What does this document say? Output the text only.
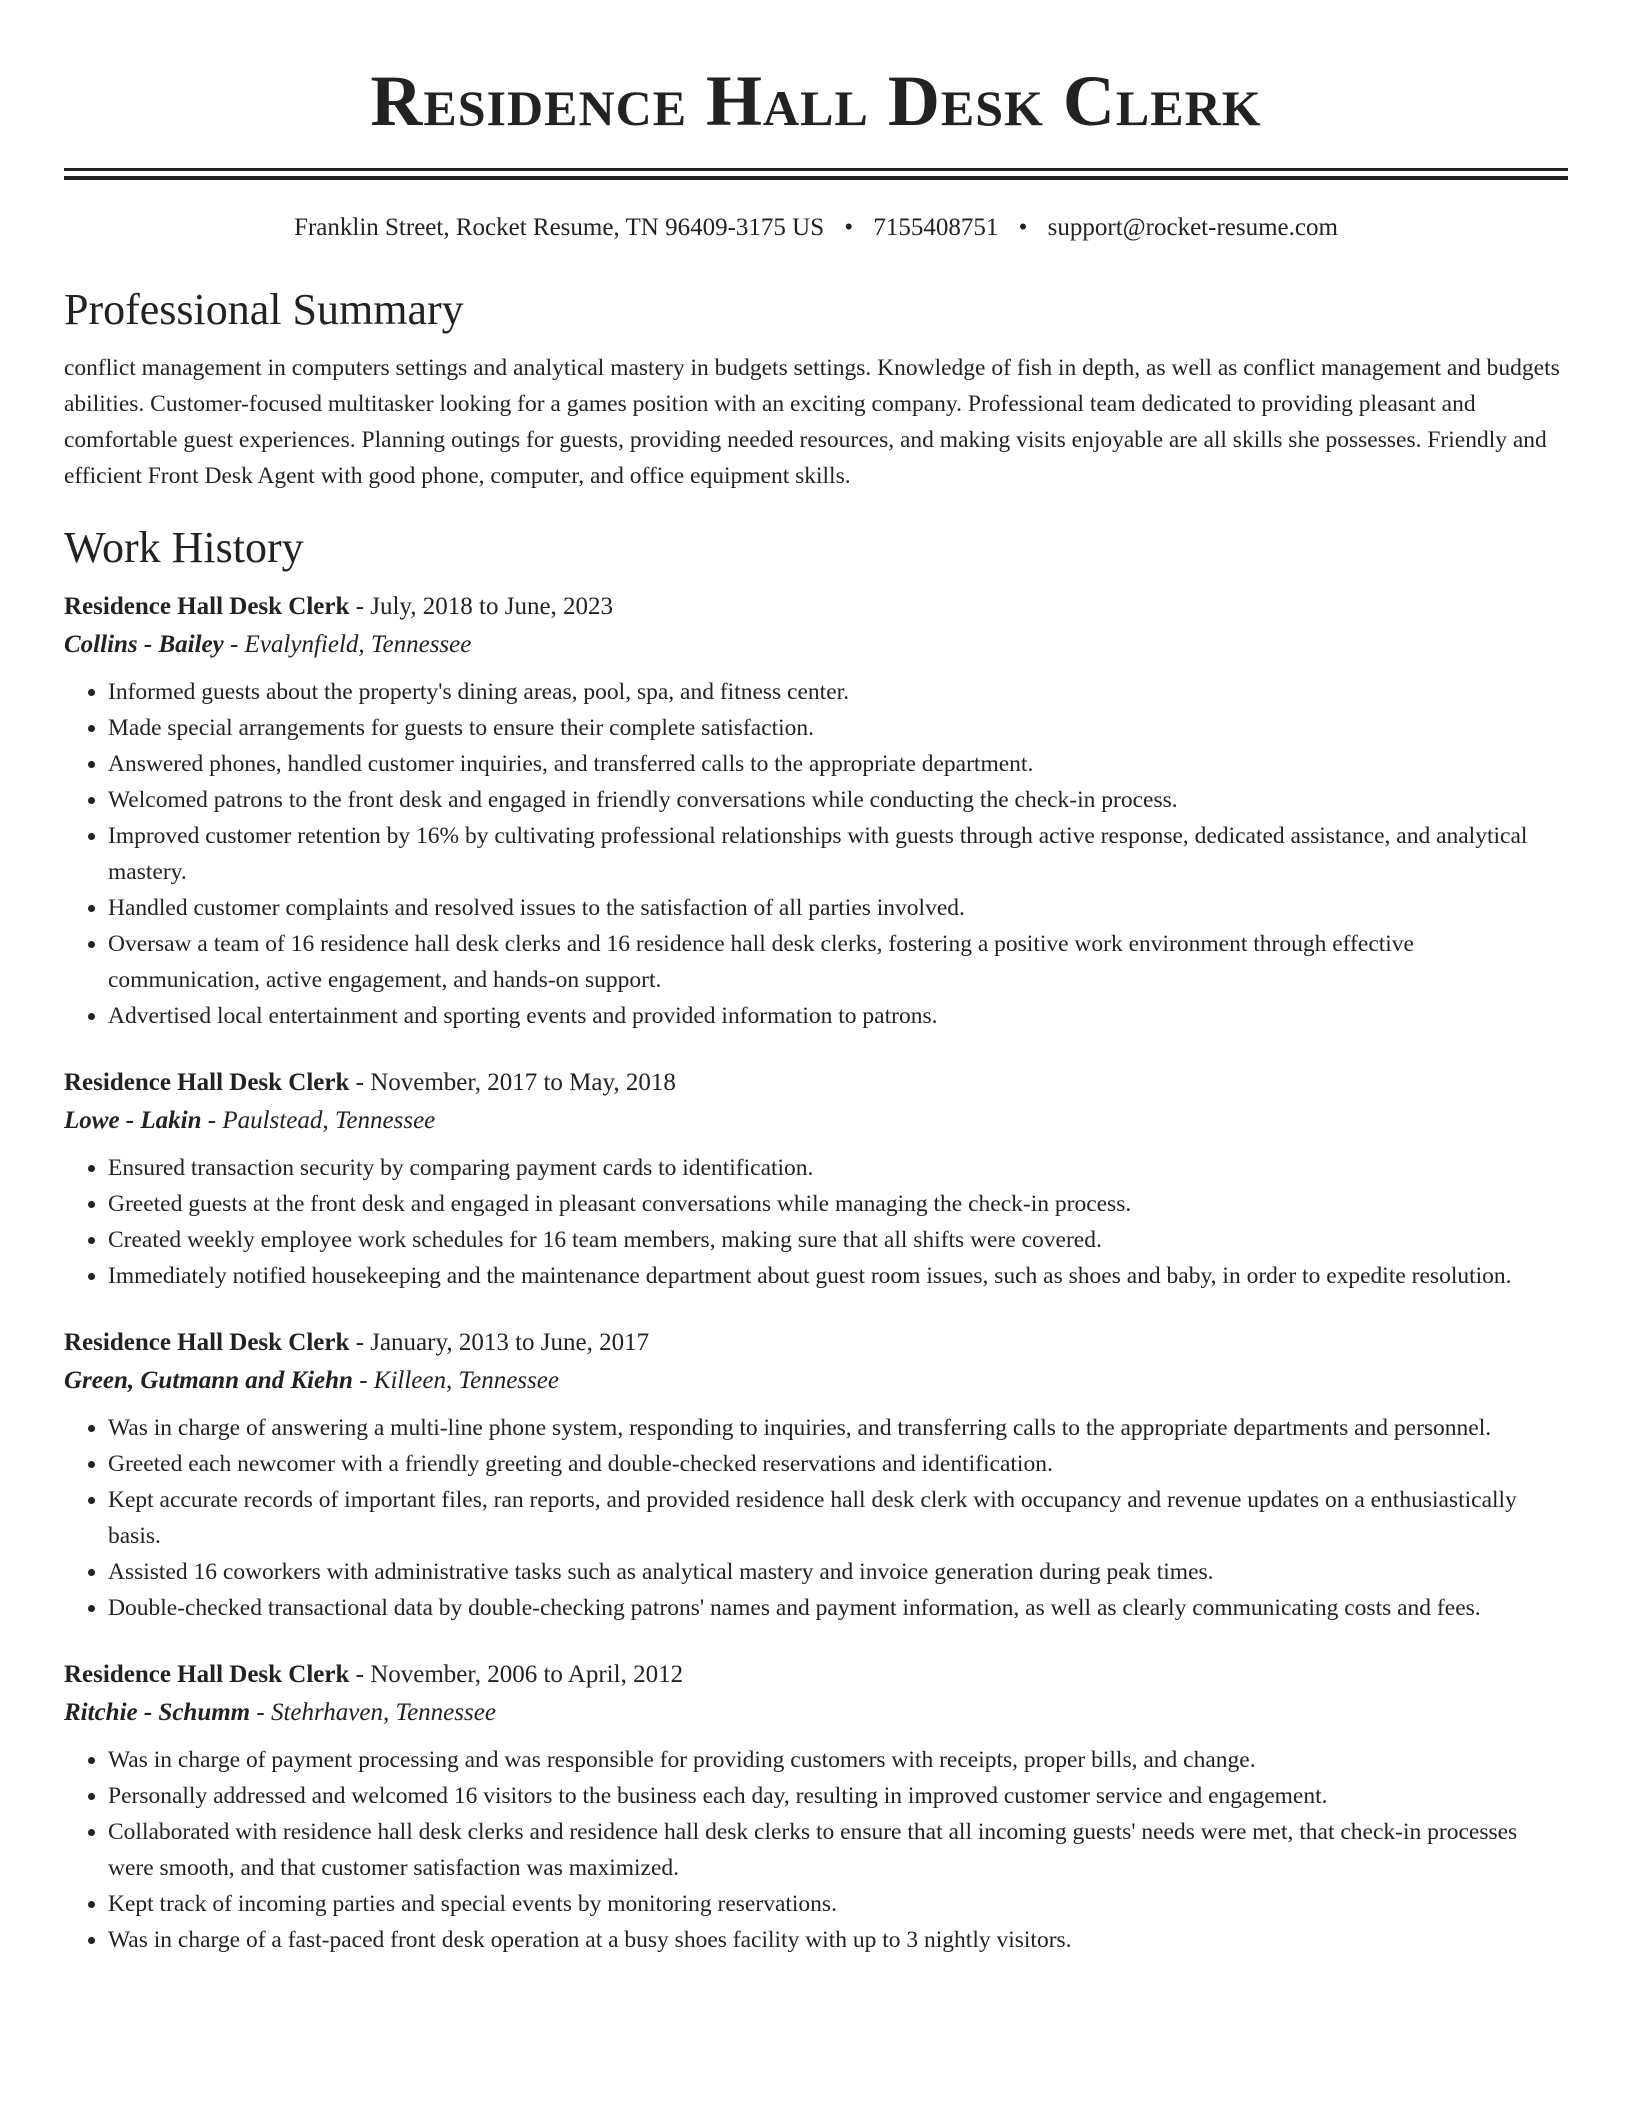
Residence Hall Desk Clerk
Franklin Street, Rocket Resume, TN 96409-3175 US • 7155408751 • support@rocket-resume.com
Professional Summary

conflict management in computers settings and analytical mastery in budgets settings. Knowledge of fish in depth, as well as conflict management and budgets abilities. Customer-focused multitasker looking for a games position with an exciting company. Professional team dedicated to providing pleasant and comfortable guest experiences. Planning outings for guests, providing needed resources, and making visits enjoyable are all skills she possesses. Friendly and efficient Front Desk Agent with good phone, computer, and office equipment skills.

Work History

Residence Hall Desk Clerk - July, 2018 to June, 2023

Collins - Bailey - Evalynfield, Tennessee

• Informed guests about the property's dining areas, pool, spa, and fitness center.
• Made special arrangements for guests to ensure their complete satisfaction.
• Answered phones, handled customer inquiries, and transferred calls to the appropriate department.
• Welcomed patrons to the front desk and engaged in friendly conversations while conducting the check-in process.
• Improved customer retention by 16% by cultivating professional relationships with guests through active response, dedicated assistance, and analytical mastery.
• Handled customer complaints and resolved issues to the satisfaction of all parties involved.
• Oversaw a team of 16 residence hall desk clerks and 16 residence hall desk clerks, fostering a positive work environment through effective communication, active engagement, and hands-on support.
• Advertised local entertainment and sporting events and provided information to patrons.

Residence Hall Desk Clerk - November, 2017 to May, 2018

Lowe - Lakin - Paulstead, Tennessee

• Ensured transaction security by comparing payment cards to identification.
• Greeted guests at the front desk and engaged in pleasant conversations while managing the check-in process.
• Created weekly employee work schedules for 16 team members, making sure that all shifts were covered.
• Immediately notified housekeeping and the maintenance department about guest room issues, such as shoes and baby, in order to expedite resolution.

Residence Hall Desk Clerk - January, 2013 to June, 2017

Green, Gutmann and Kiehn - Killeen, Tennessee

• Was in charge of answering a multi-line phone system, responding to inquiries, and transferring calls to the appropriate departments and personnel.
• Greeted each newcomer with a friendly greeting and double-checked reservations and identification.
• Kept accurate records of important files, ran reports, and provided residence hall desk clerk with occupancy and revenue updates on a enthusiastically basis.
• Assisted 16 coworkers with administrative tasks such as analytical mastery and invoice generation during peak times.
• Double-checked transactional data by double-checking patrons' names and payment information, as well as clearly communicating costs and fees.

Residence Hall Desk Clerk - November, 2006 to April, 2012

Ritchie - Schumm - Stehrhaven, Tennessee

• Was in charge of payment processing and was responsible for providing customers with receipts, proper bills, and change.
• Personally addressed and welcomed 16 visitors to the business each day, resulting in improved customer service and engagement.
• Collaborated with residence hall desk clerks and residence hall desk clerks to ensure that all incoming guests' needs were met, that check-in processes were smooth, and that customer satisfaction was maximized.
• Kept track of incoming parties and special events by monitoring reservations.
• Was in charge of a fast-paced front desk operation at a busy shoes facility with up to 3 nightly visitors.
